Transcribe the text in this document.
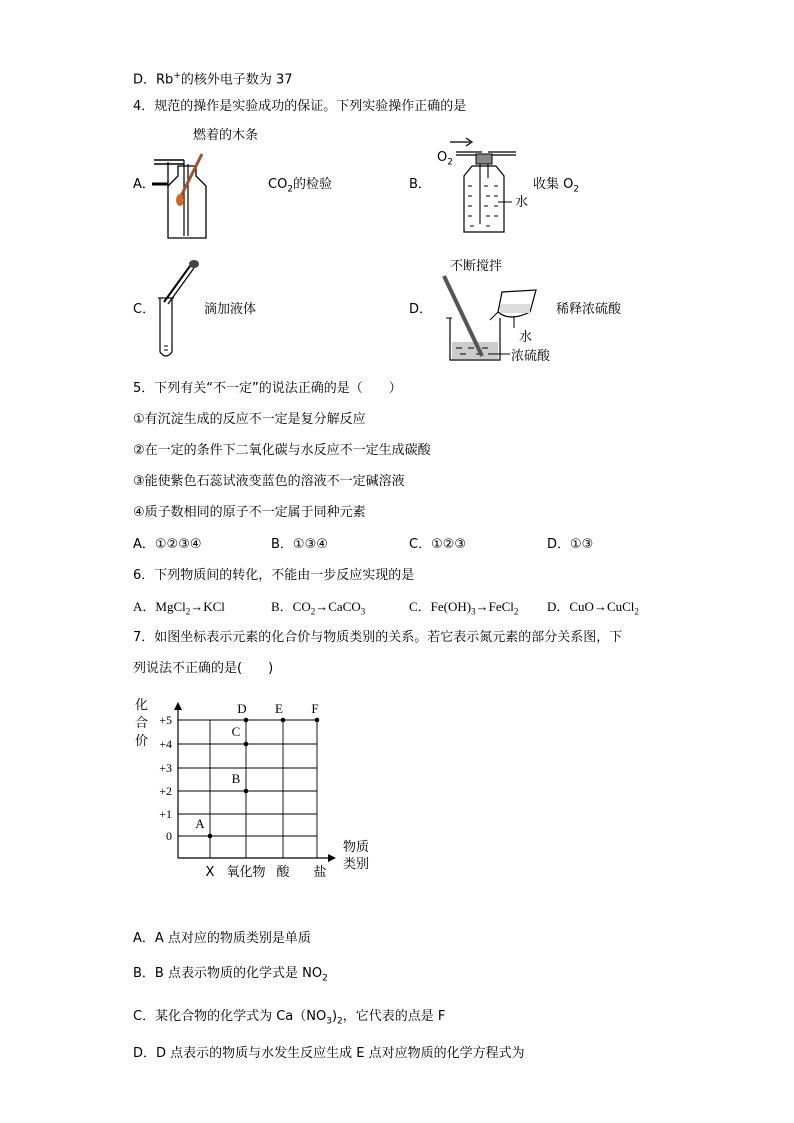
D．Rb+的核外电子数为 37
4．规范的操作是实验成功的保证。下列实验操作正确的是
燃着的木条
A．	$CO_2$的检验	B．
$O_2$
收集 $O_2$
水
C．	滴加液体	D．
不断搅拌
稀释浓硫酸
水
浓硫酸
5．下列有关“不一定”的说法正确的是（　　）
①有沉淀生成的反应不一定是复分解反应
②在一定的条件下二氧化碳与水反应不一定生成碳酸
③能使紫色石蕊试液变蓝色的溶液不一定碱溶液
④质子数相同的原子不一定属于同种元素
A．①②③④	B．①③④	C．①②③	D．①③
6．下列物质间的转化，不能由一步反应实现的是
A．MgCl$_2$→KCl	B．$CO_2\to CaCO_3$	C．$Fe(OH)_3\to FeCl_2$ D．CuO→CuCl$_2$
7．如图坐标表示元素的化合价与物质类别的关系。若它表示氮元素的部分关系图，下
列说法不正确的是(　　)
化
合
价
物质
类别
+5
+4
+3
+2
+1
0
X 氧化物 酸 盐
A
B
C
D E F
A．A 点对应的物质类别是单质
B．B 点表示物质的化学式是 $NO_2$
C．某化合物的化学式为 $Ca(NO_3)_2$，它代表的点是 F
D．D 点表示的物质与水发生反应生成 E 点对应物质的化学方程式为
